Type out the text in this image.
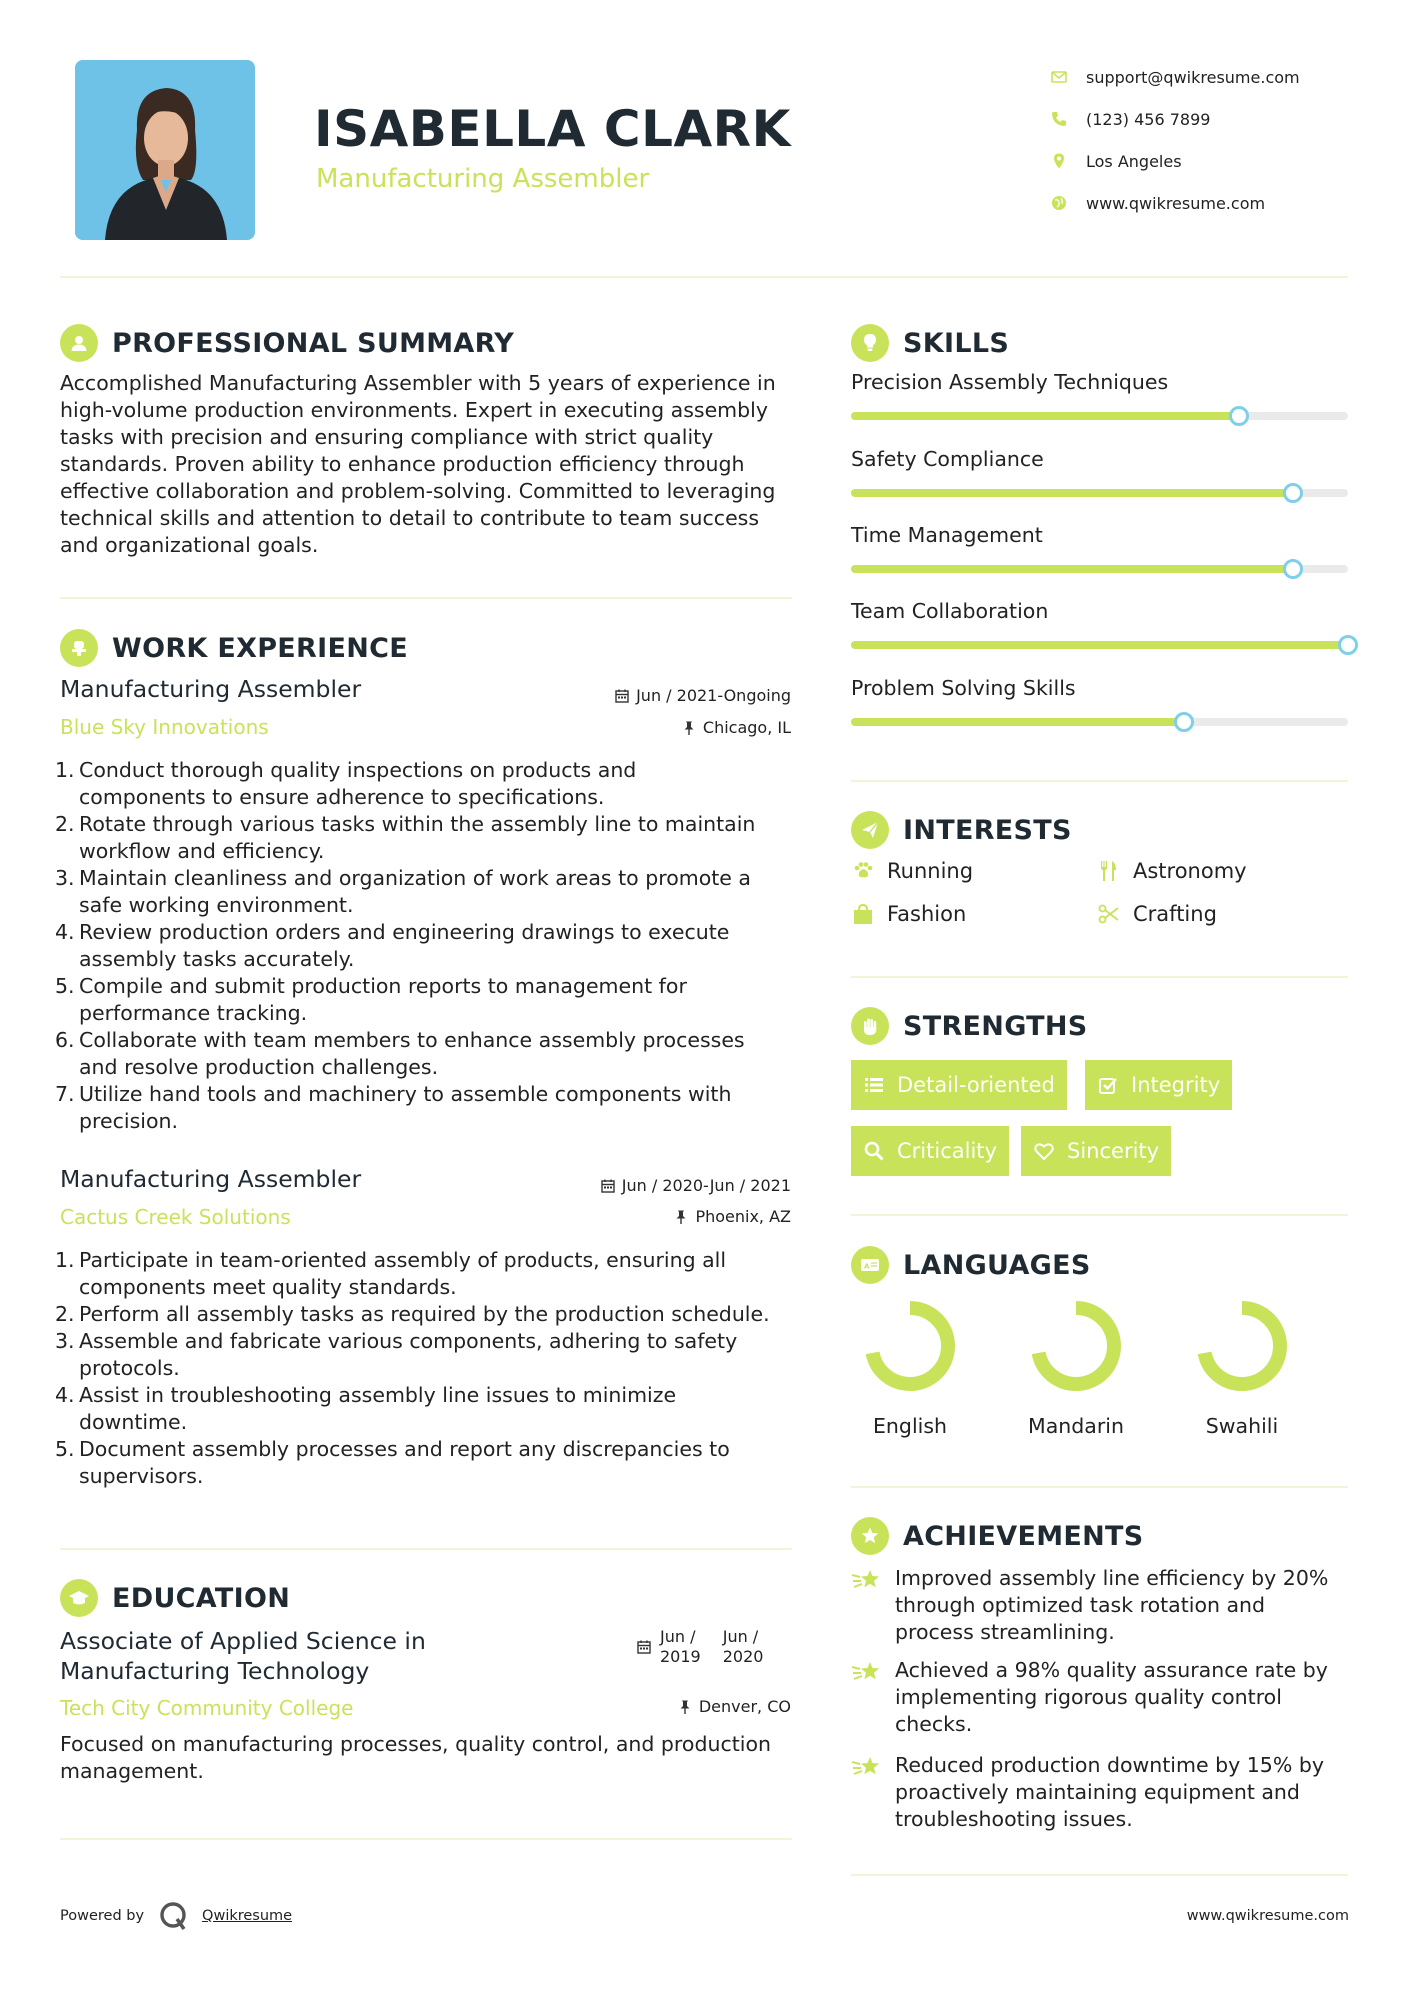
ISABELLA CLARK
Manufacturing Assembler
support@qwikresume.com
(123) 456 7899
Los Angeles
www.qwikresume.com
PROFESSIONAL SUMMARY
Accomplished Manufacturing Assembler with 5 years of experience in
high-volume production environments. Expert in executing assembly
tasks with precision and ensuring compliance with strict quality
standards. Proven ability to enhance production efficiency through
effective collaboration and problem-solving. Committed to leveraging
technical skills and attention to detail to contribute to team success
and organizational goals.
WORK EXPERIENCE
Manufacturing Assembler	Jun / 2021-Ongoing
Blue Sky Innovations	Chicago, IL
1. Conduct thorough quality inspections on products and
components to ensure adherence to specifications.
2. Rotate through various tasks within the assembly line to maintain
workflow and efficiency.
3. Maintain cleanliness and organization of work areas to promote a
safe working environment.
4. Review production orders and engineering drawings to execute
assembly tasks accurately.
5. Compile and submit production reports to management for
performance tracking.
6. Collaborate with team members to enhance assembly processes
and resolve production challenges.
7. Utilize hand tools and machinery to assemble components with
precision.
Manufacturing Assembler	Jun / 2020-Jun / 2021
Cactus Creek Solutions	Phoenix, AZ
1. Participate in team-oriented assembly of products, ensuring all
components meet quality standards.
2. Perform all assembly tasks as required by the production schedule.
3. Assemble and fabricate various components, adhering to safety
protocols.
4. Assist in troubleshooting assembly line issues to minimize
downtime.
5. Document assembly processes and report any discrepancies to
supervisors.
EDUCATION
Associate of Applied Science in
Manufacturing Technology
Jun /
2019
Jun /
2020
Tech City Community College	Denver, CO
Focused on manufacturing processes, quality control, and production
management.
SKILLS
Precision Assembly Techniques
Safety Compliance
Time Management
Team Collaboration
Problem Solving Skills
INTERESTS
Running	Astronomy
Fashion	Crafting
STRENGTHS
Detail-oriented	Integrity
Criticality	Sincerity
A LANGUAGES
English	Mandarin	Swahili
ACHIEVEMENTS
Improved assembly line efficiency by 20%
through optimized task rotation and
process streamlining.
Achieved a 98% quality assurance rate by
implementing rigorous quality control
checks.
Reduced production downtime by 15% by
proactively maintaining equipment and
troubleshooting issues.
Powered by	Qwikresume	www.qwikresume.com
